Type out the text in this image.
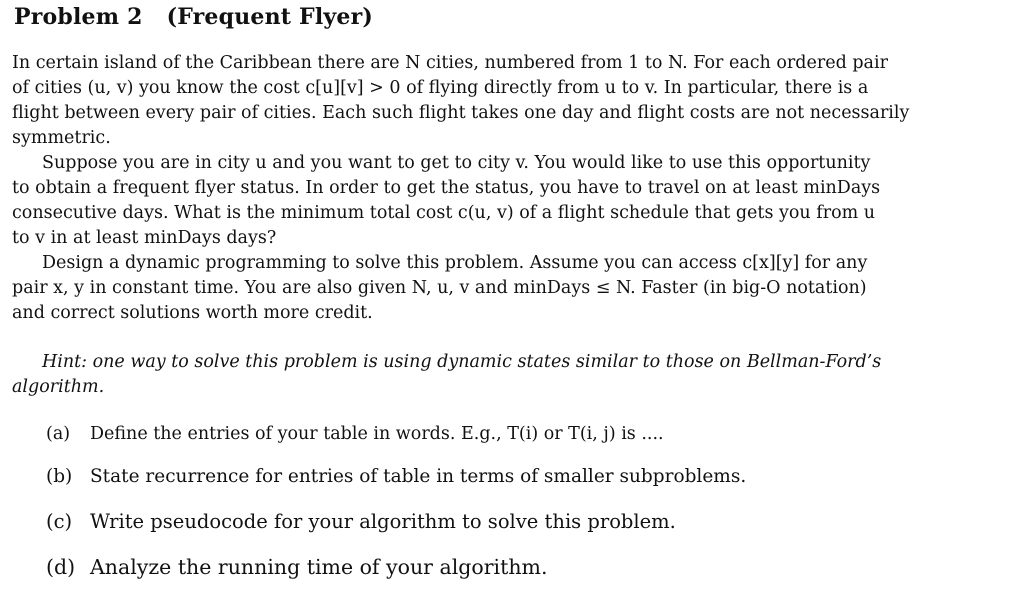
Problem 2 (Frequent Flyer)
In certain island of the Caribbean there are N cities, numbered from 1 to N. For each ordered pair
of cities (u, v) you know the cost c[u][v] > 0 of flying directly from u to v. In particular, there is a
flight between every pair of cities. Each such flight takes one day and flight costs are not necessarily
symmetric.
Suppose you are in city u and you want to get to city v. You would like to use this opportunity
to obtain a frequent flyer status. In order to get the status, you have to travel on at least minDays
consecutive days. What is the minimum total cost c(u, v) of a flight schedule that gets you from u
to v in at least minDays days?
Design a dynamic programming to solve this problem. Assume you can access c[x][y] for any
pair x, y in constant time. You are also given N, u, v and minDays ≤ N. Faster (in big-O notation)
and correct solutions worth more credit.
Hint: one way to solve this problem is using dynamic states similar to those on Bellman-Ford’s
algorithm.
(a) Define the entries of your table in words. E.g., T(i) or T(i, j) is ....
(b) State recurrence for entries of table in terms of smaller subproblems.
(c) Write pseudocode for your algorithm to solve this problem.
(d) Analyze the running time of your algorithm.
